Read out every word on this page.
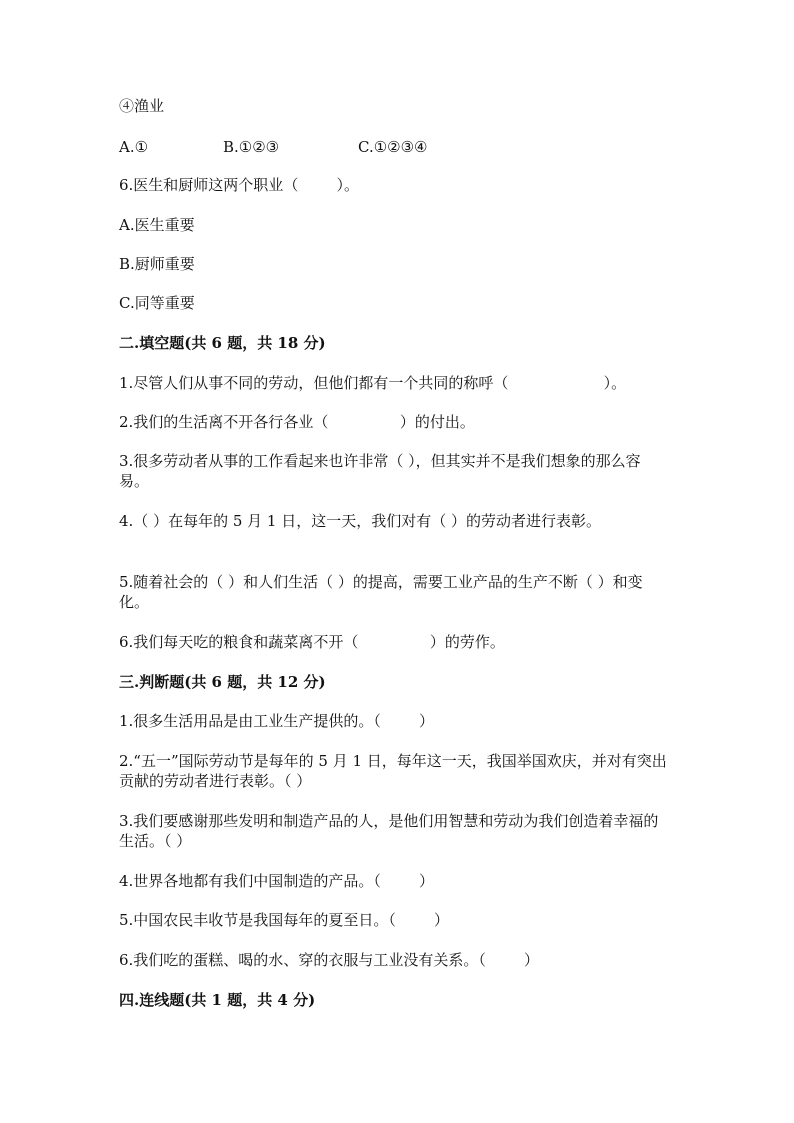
④渔业

A.①

	B.①②③

	C.①②③④

6.医生和厨师这两个职业（        ）。
A.医生重要
B.厨师重要
C.同等重要
二.填空题(共 6 题，共 18 分)
1.尽管人们从事不同的劳动，但他们都有一个共同的称呼（                    ）。
2.我们的生活离不开各行各业（               ）的付出。
3.很多劳动者从事的工作看起来也许非常（ ），但其实并不是我们想象的那么容易。
4.（ ）在每年的 5 月 1 日，这一天，我们对有（ ）的劳动者进行表彰。
5.随着社会的（ ）和人们生活（ ）的提高，需要工业产品的生产不断（ ）和变化。
6.我们每天吃的粮食和蔬菜离不开（               ）的劳作。
三.判断题(共 6 题，共 12 分)
1.很多生活用品是由工业生产提供的。（        ）
2.“五一”国际劳动节是每年的 5 月 1 日，每年这一天，我国举国欢庆，并对有突出贡献的劳动者进行表彰。（ ）
3.我们要感谢那些发明和制造产品的人，是他们用智慧和劳动为我们创造着幸福的生活。（ ）
4.世界各地都有我们中国制造的产品。（        ）
5.中国农民丰收节是我国每年的夏至日。（        ）
6.我们吃的蛋糕、喝的水、穿的衣服与工业没有关系。（        ）
四.连线题(共 1 题，共 4 分)
